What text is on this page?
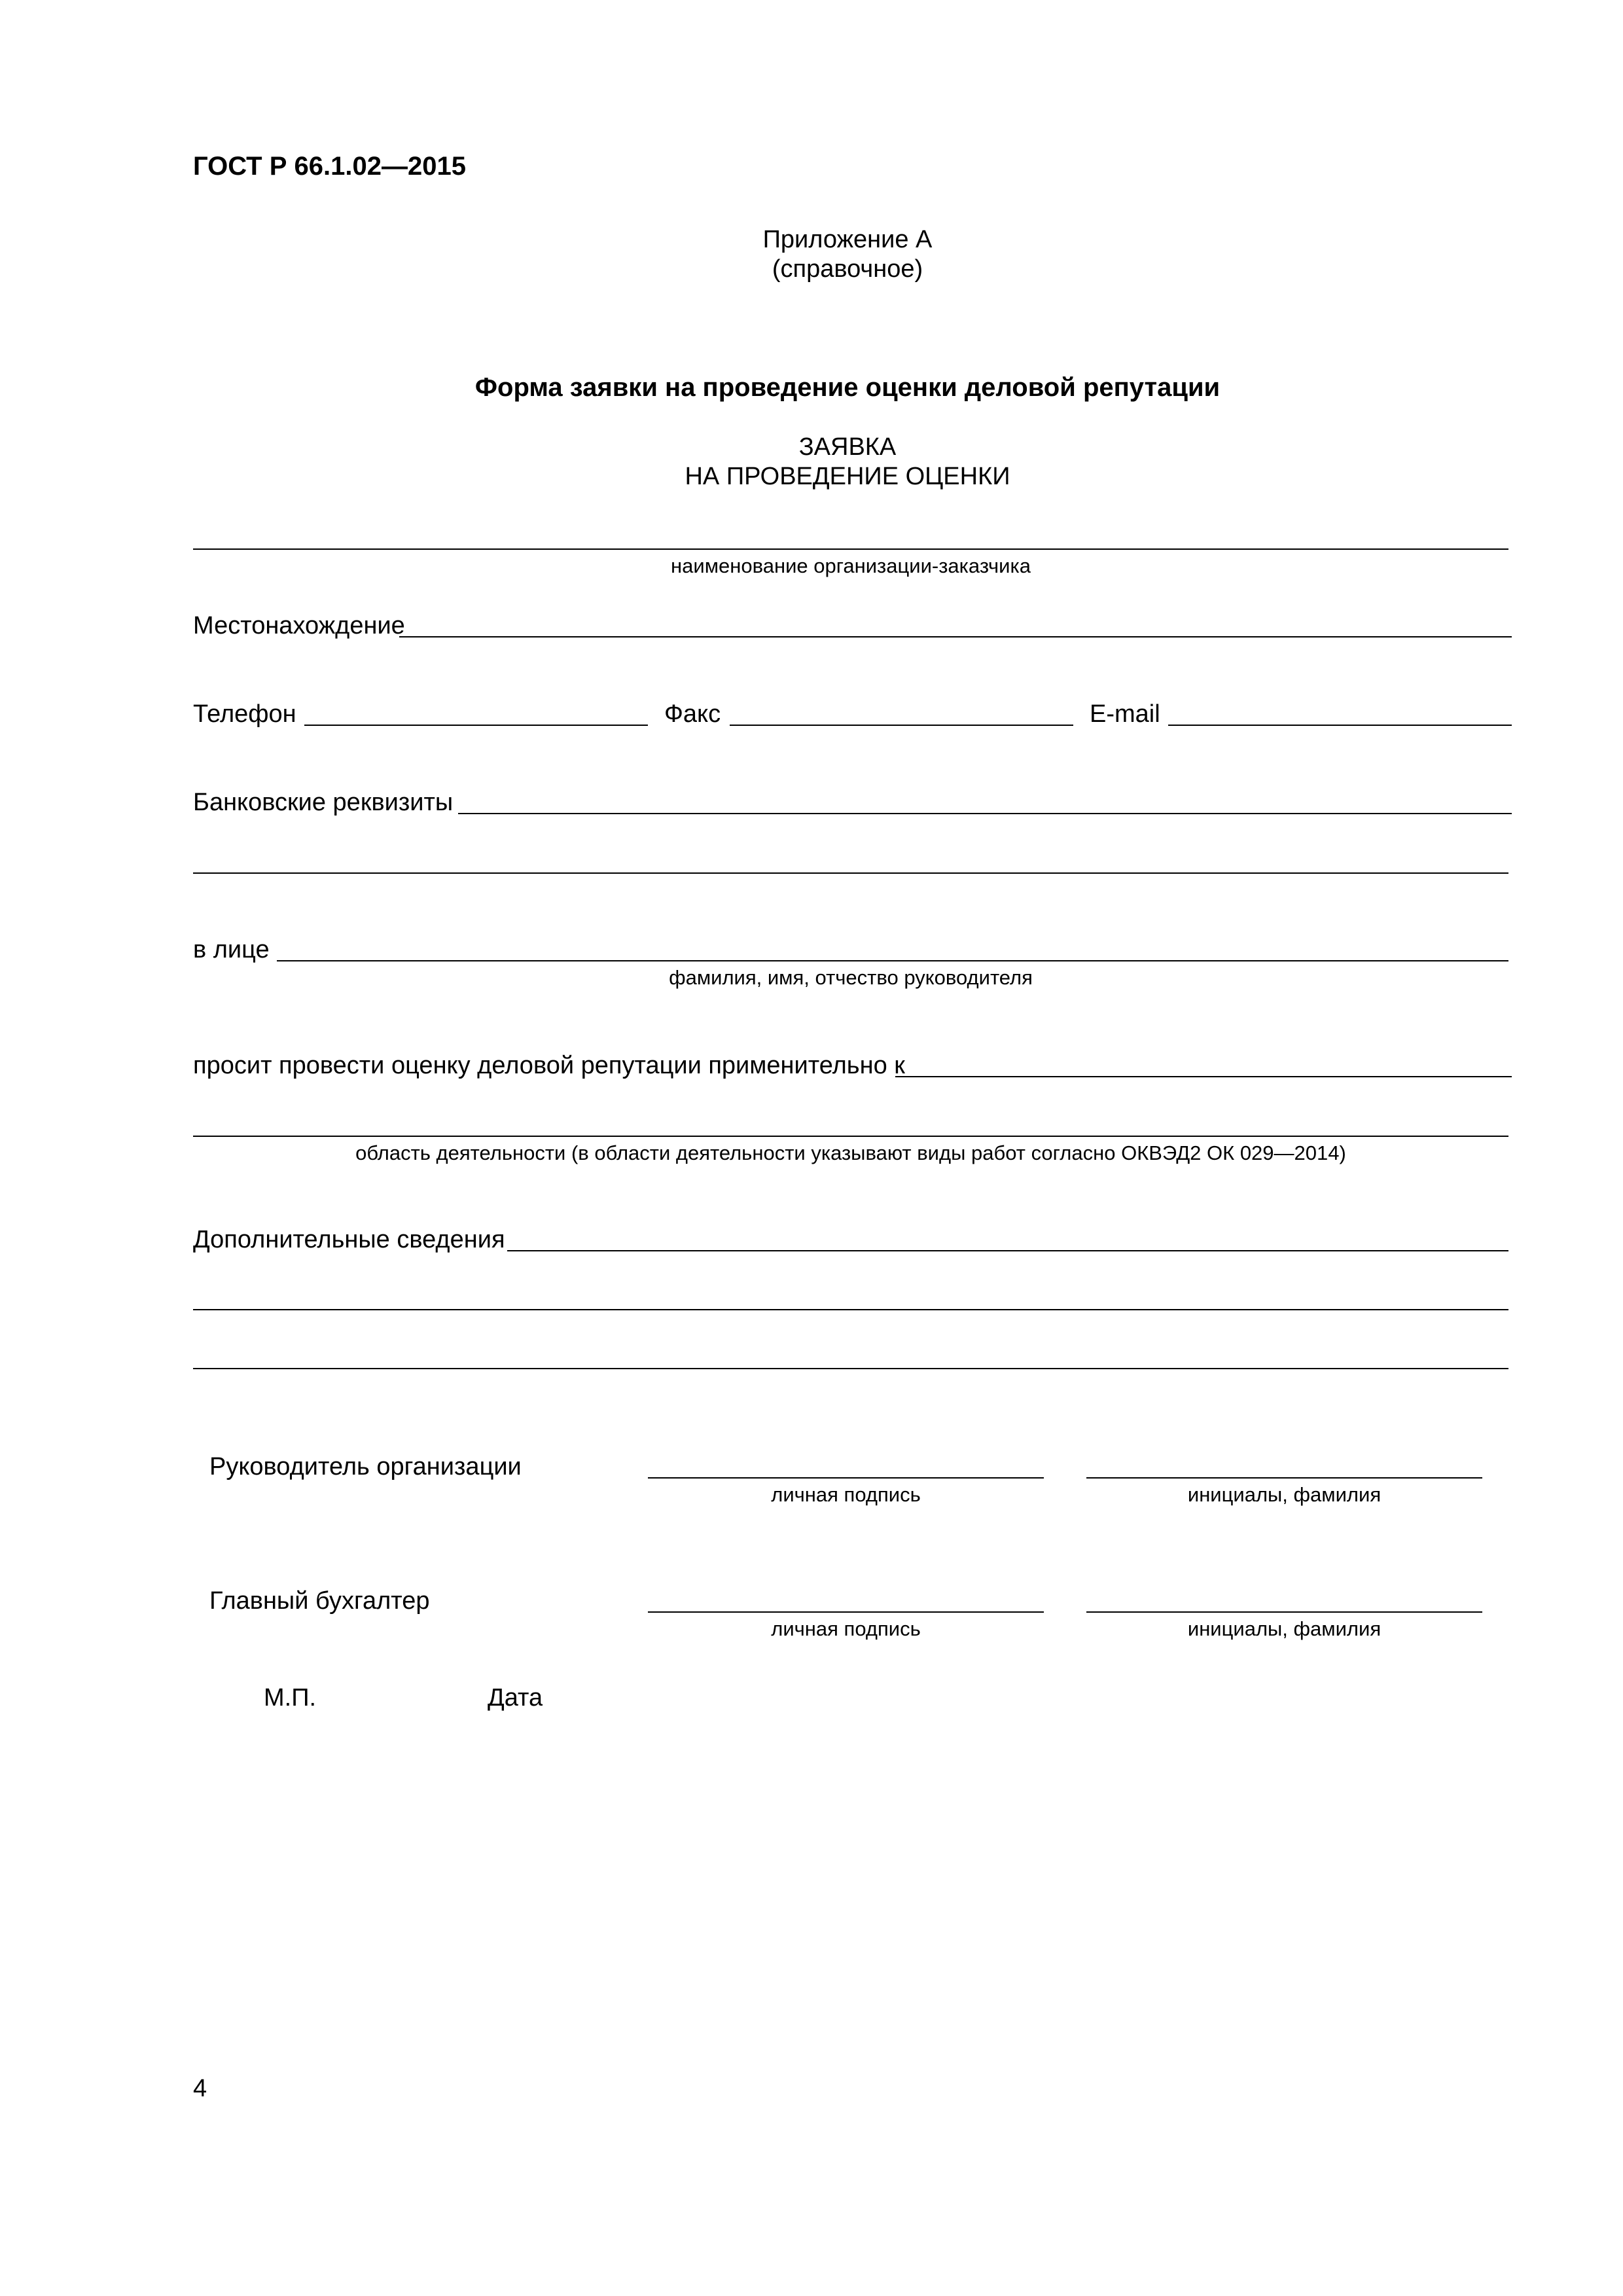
ГОСТ Р 66.1.02—2015
Приложение А
(справочное)
Форма заявки на проведение оценки деловой репутации
ЗАЯВКА
НА ПРОВЕДЕНИЕ ОЦЕНКИ
наименование организации-заказчика
Местонахождение
Телефон	Факс	E-mail
Банковские реквизиты
в лице
фамилия, имя, отчество руководителя
просит провести оценку деловой репутации применительно к
область деятельности (в области деятельности указывают виды работ согласно ОКВЭД2 ОК 029—2014)
Дополнительные сведения
Руководитель организации
личная подпись	инициалы, фамилия
Главный бухгалтер
личная подпись	инициалы, фамилия
М.П.	Дата
4
